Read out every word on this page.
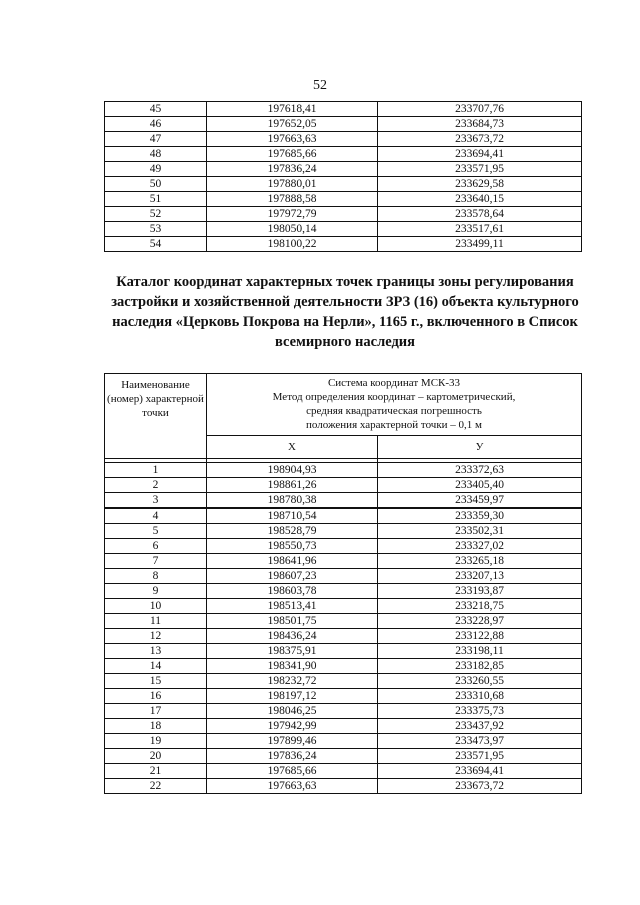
52
45	197618,41	233707,76
46	197652,05	233684,73
47	197663,63	233673,72
48	197685,66	233694,41
49	197836,24	233571,95
50	197880,01	233629,58
51	197888,58	233640,15
52	197972,79	233578,64
53	198050,14	233517,61
54	198100,22	233499,11
Каталог координат характерных точек границы зоны регулирования застройки и хозяйственной деятельности ЗРЗ (16) объекта культурного наследия «Церковь Покрова на Нерли», 1165 г., включенного в Список всемирного наследия
Наименование (номер) характерной точки	Система координат МСК-33
Метод определения координат – картометрический,
средняя квадратическая погрешность
положения характерной точки – 0,1 м	

	X	У

1	198904,93	233372,63
2	198861,26	233405,40
3	198780,38	233459,97
4	198710,54	233359,30
5	198528,79	233502,31
6	198550,73	233327,02
7	198641,96	233265,18
8	198607,23	233207,13
9	198603,78	233193,87
10	198513,41	233218,75
11	198501,75	233228,97
12	198436,24	233122,88
13	198375,91	233198,11
14	198341,90	233182,85
15	198232,72	233260,55
16	198197,12	233310,68
17	198046,25	233375,73
18	197942,99	233437,92
19	197899,46	233473,97
20	197836,24	233571,95
21	197685,66	233694,41
22	197663,63	233673,72
